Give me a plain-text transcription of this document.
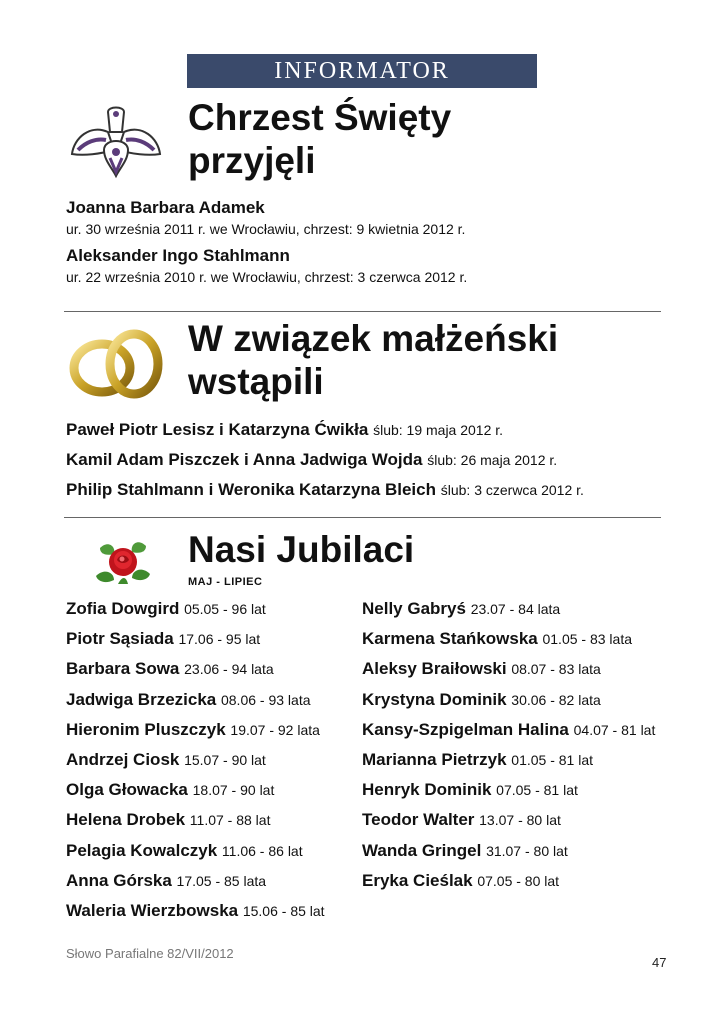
INFORMATOR
Chrzest Święty
przyjęli
Joanna Barbara Adamek
ur. 30 września 2011 r. we Wrocławiu, chrzest: 9 kwietnia 2012 r.
Aleksander Ingo Stahlmann
ur. 22 września 2010 r. we Wrocławiu, chrzest: 3 czerwca 2012 r.
W związek małżeński
wstąpili
Paweł Piotr Lesisz i Katarzyna Ćwikła ślub: 19 maja 2012 r.
Kamil Adam Piszczek i Anna Jadwiga Wojda ślub: 26 maja 2012 r.
Philip Stahlmann i Weronika Katarzyna Bleich ślub: 3 czerwca 2012 r.
Nasi Jubilaci
MAJ - LIPIEC
Zofia Dowgird 05.05 - 96 lat
Piotr Sąsiada 17.06 - 95 lat
Barbara Sowa 23.06 - 94 lata
Jadwiga Brzezicka 08.06 - 93 lata
Hieronim Pluszczyk 19.07 - 92 lata
Andrzej Ciosk 15.07 - 90 lat
Olga Głowacka 18.07 - 90 lat
Helena Drobek 11.07 - 88 lat
Pelagia Kowalczyk 11.06 - 86 lat
Anna Górska 17.05 - 85 lata
Waleria Wierzbowska 15.06 - 85 lat
Nelly Gabryś 23.07 - 84 lata
Karmena Stańkowska 01.05 - 83 lata
Aleksy Braiłowski 08.07 - 83 lata
Krystyna Dominik 30.06 - 82 lata
Kansy-Szpigelman Halina 04.07 - 81 lat
Marianna Pietrzyk 01.05 - 81 lat
Henryk Dominik 07.05 - 81 lat
Teodor Walter 13.07 - 80 lat
Wanda Gringel 31.07 - 80 lat
Eryka Cieślak 07.05 - 80 lat
Słowo Parafialne 82/VII/2012
47
